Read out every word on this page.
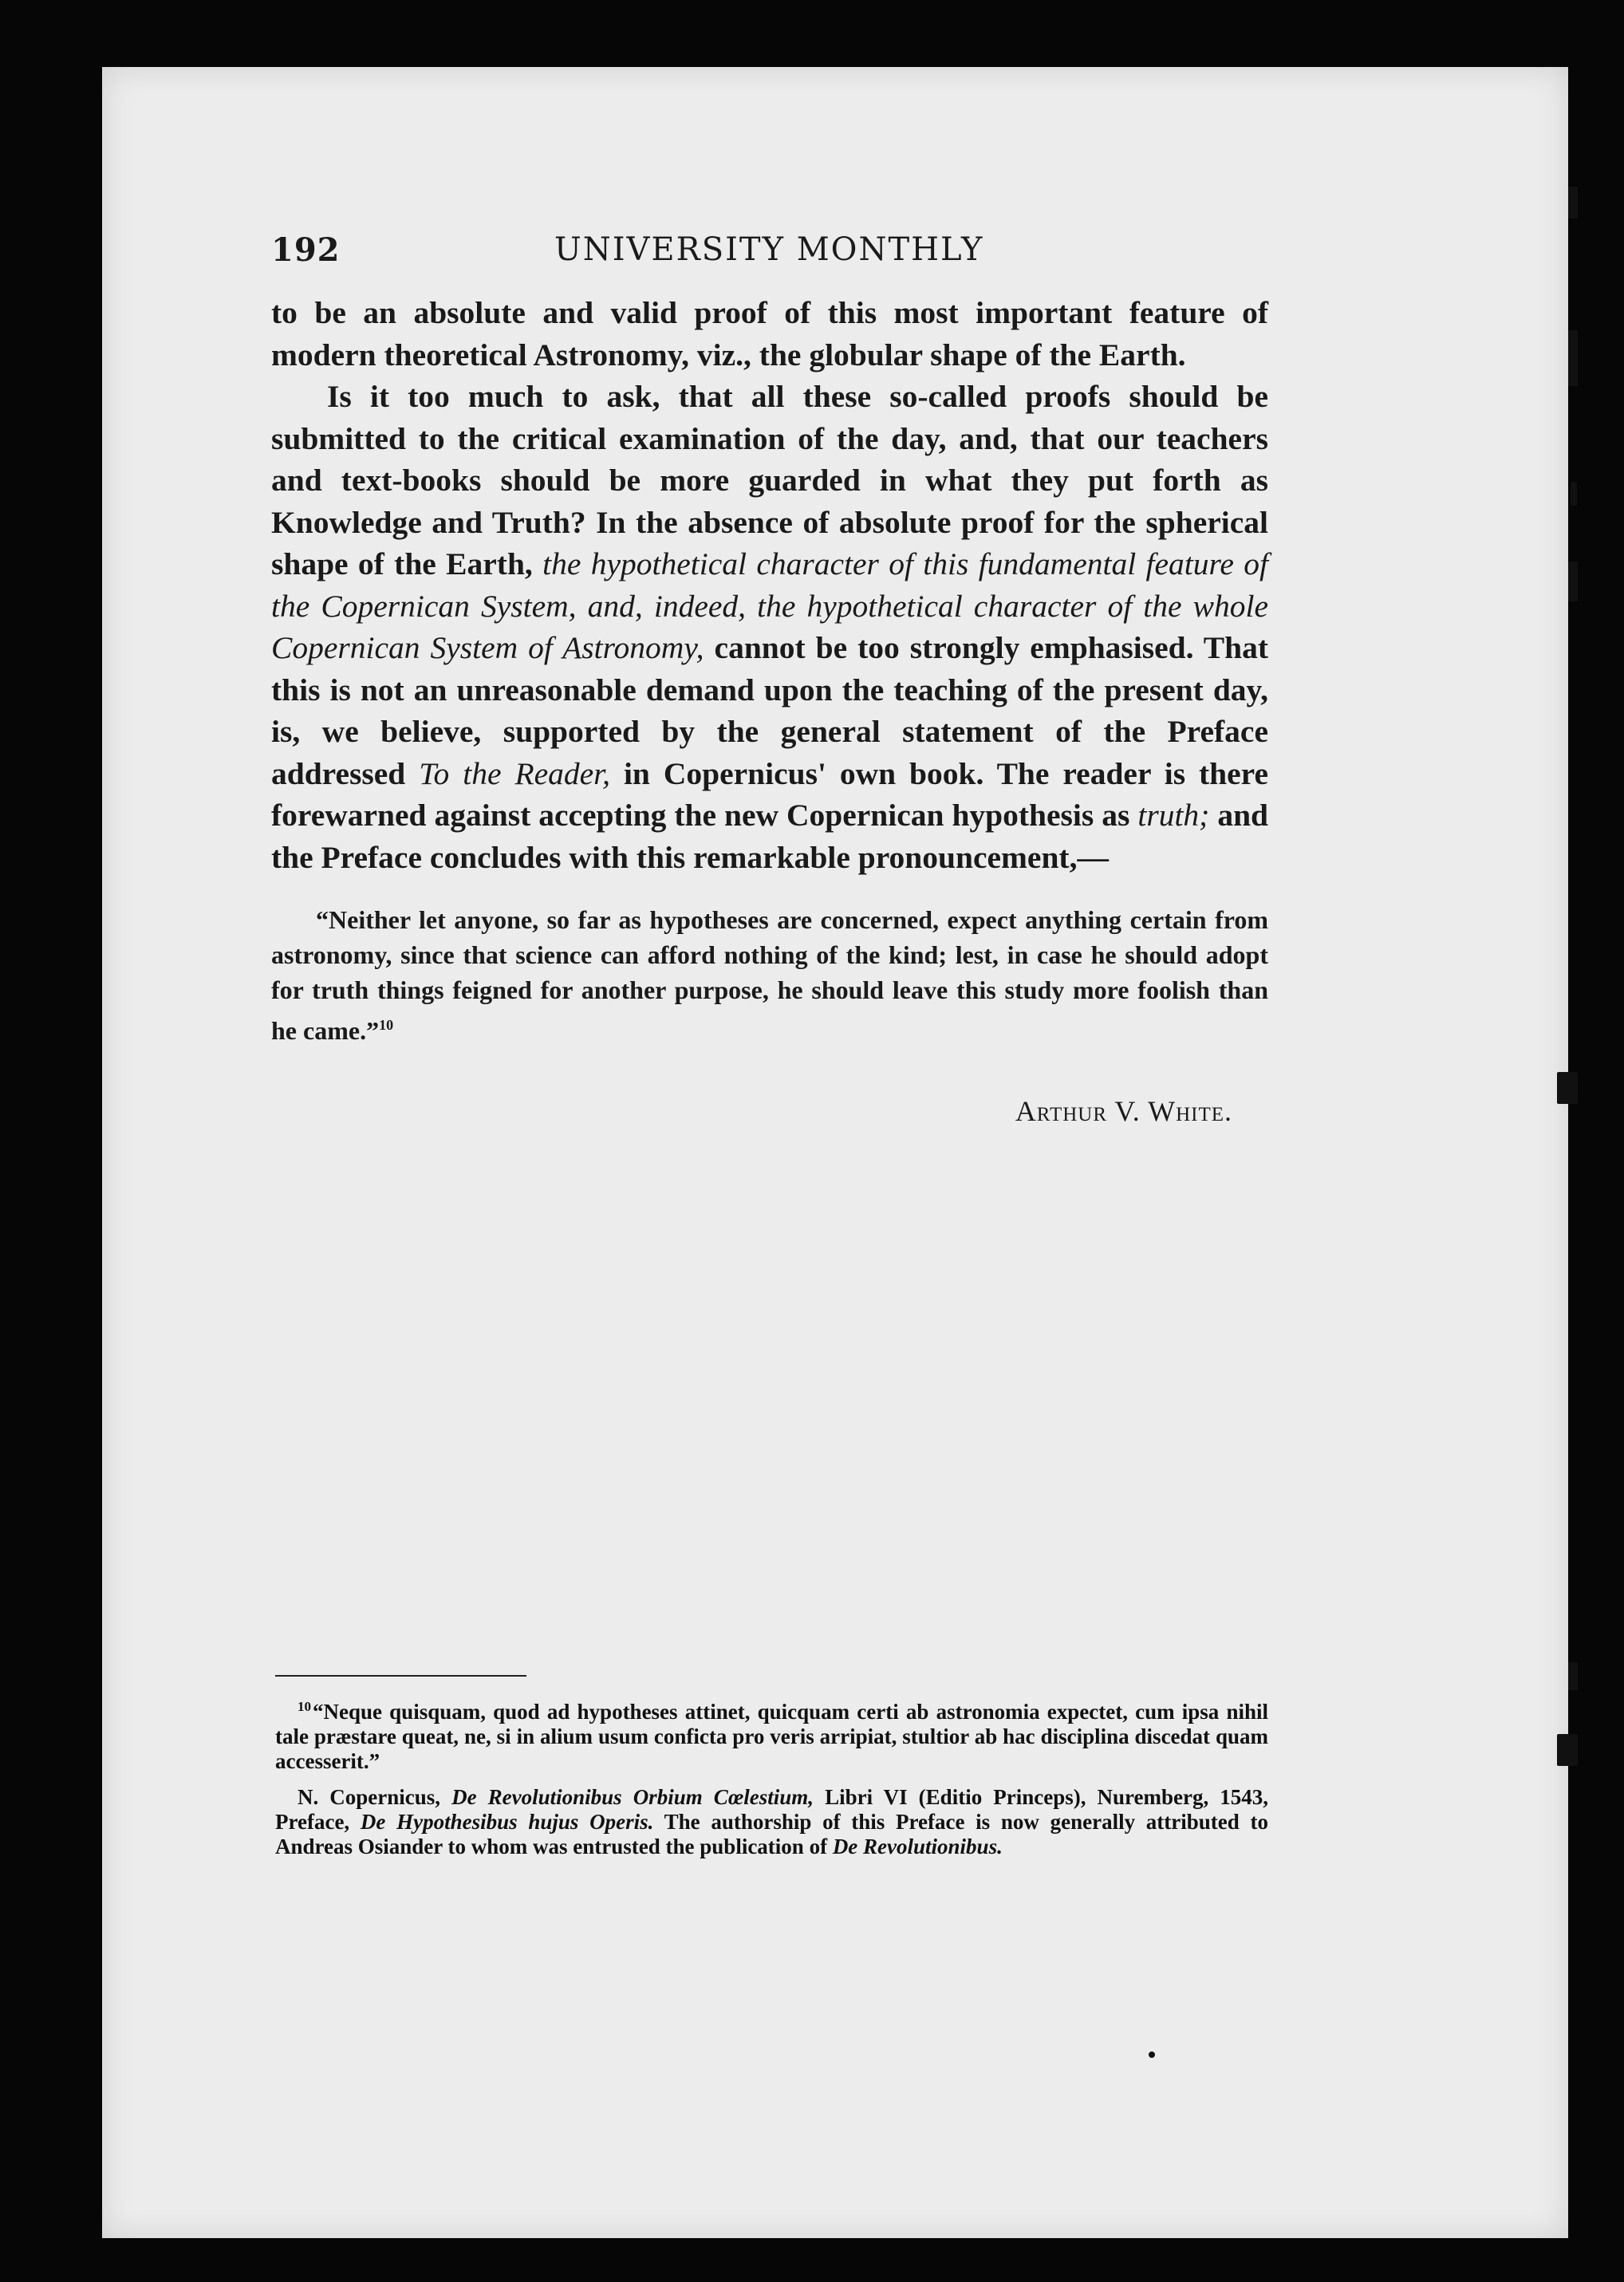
192	UNIVERSITY MONTHLY

to be an absolute and valid proof of this most important feature of modern theoretical Astronomy, viz., the globular shape of the Earth.

Is it too much to ask, that all these so-called proofs should be submitted to the critical examination of the day, and, that our teachers and text-books should be more guarded in what they put forth as Knowledge and Truth? In the absence of absolute proof for the spherical shape of the Earth, the hypothetical character of this fundamental feature of the Copernican System, and, indeed, the hypothetical character of the whole Copernican System of Astronomy, cannot be too strongly emphasised. That this is not an unreasonable demand upon the teaching of the present day, is, we believe, supported by the general statement of the Preface addressed To the Reader, in Copernicus' own book. The reader is there forewarned against accepting the new Copernican hypothesis as truth; and the Preface concludes with this remarkable pronouncement,—

“Neither let anyone, so far as hypotheses are concerned, expect anything certain from astronomy, since that science can afford nothing of the kind; lest, in case he should adopt for truth things feigned for another purpose, he should leave this study more foolish than he came.”$^{10}$
Arthur V. White.

$^{10}$“Neque quisquam, quod ad hypotheses attinet, quicquam certi ab astronomia expectet, cum ipsa nihil tale præstare queat, ne, si in alium usum conficta pro veris arripiat, stultior ab hac disciplina discedat quam accesserit.”

N. Copernicus, De Revolutionibus Orbium Cœlestium, Libri VI (Editio Princeps), Nuremberg, 1543, Preface, De Hypothesibus hujus Operis. The authorship of this Preface is now generally attributed to Andreas Osiander to whom was entrusted the publication of De Revolutionibus.
